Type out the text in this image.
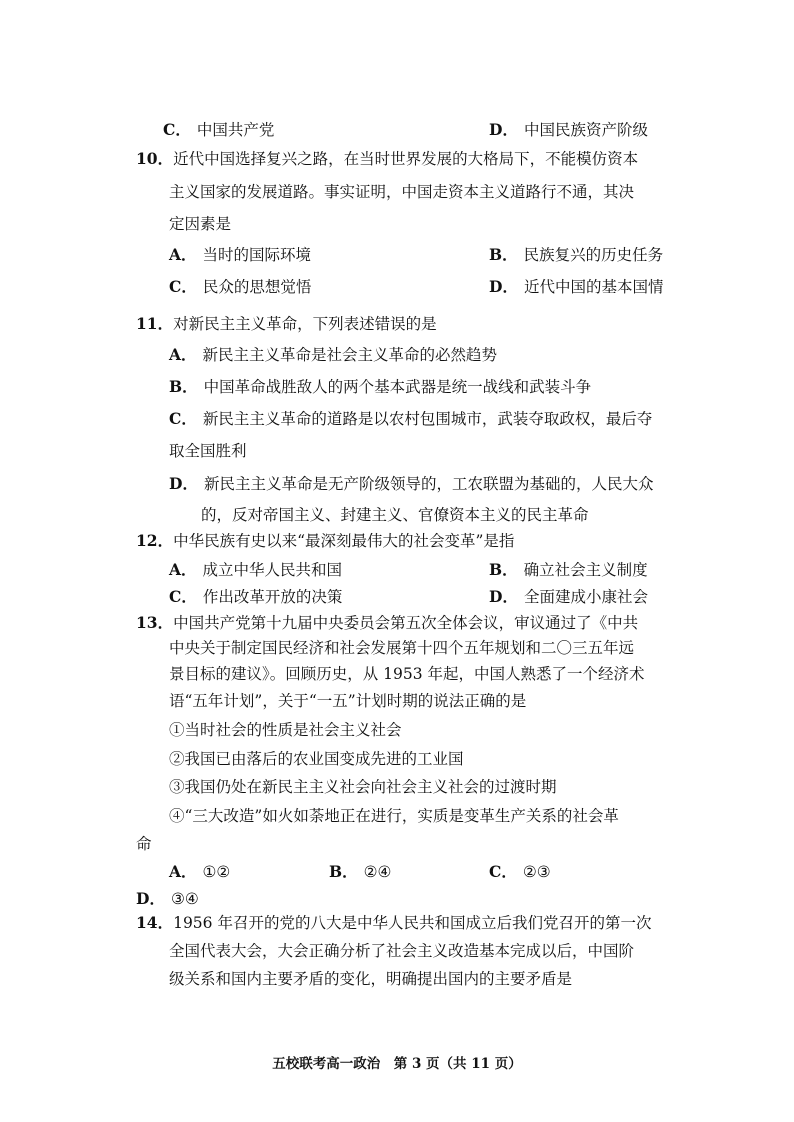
C． 中国共产党	D． 中国民族资产阶级
10．近代中国选择复兴之路，在当时世界发展的大格局下，不能模仿资本
主义国家的发展道路。事实证明，中国走资本主义道路行不通，其决
定因素是
A． 当时的国际环境	B． 民族复兴的历史任务
C． 民众的思想觉悟	D． 近代中国的基本国情
11．对新民主主义革命，下列表述错误的是
A． 新民主主义革命是社会主义革命的必然趋势
B． 中国革命战胜敌人的两个基本武器是统一战线和武装斗争
C． 新民主主义革命的道路是以农村包围城市，武装夺取政权，最后夺
取全国胜利
D． 新民主主义革命是无产阶级领导的，工农联盟为基础的，人民大众
的，反对帝国主义、封建主义、官僚资本主义的民主革命
12．中华民族有史以来“最深刻最伟大的社会变革”是指
A． 成立中华人民共和国	B． 确立社会主义制度
C． 作出改革开放的决策	D． 全面建成小康社会
13．中国共产党第十九届中央委员会第五次全体会议，审议通过了《中共
中央关于制定国民经济和社会发展第十四个五年规划和二〇三五年远
景目标的建议》。回顾历史，从 1953 年起，中国人熟悉了一个经济术
语“五年计划”，关于“一五”计划时期的说法正确的是
①当时社会的性质是社会主义社会
②我国已由落后的农业国变成先进的工业国
③我国仍处在新民主主义社会向社会主义社会的过渡时期
④“三大改造”如火如荼地正在进行，实质是变革生产关系的社会革
命
A． ①②	B． ②④	C． ②③
D． ③④
14．1956 年召开的党的八大是中华人民共和国成立后我们党召开的第一次
全国代表大会，大会正确分析了社会主义改造基本完成以后，中国阶
级关系和国内主要矛盾的变化，明确提出国内的主要矛盾是
五校联考高一政治　第 3 页（共 11 页）
